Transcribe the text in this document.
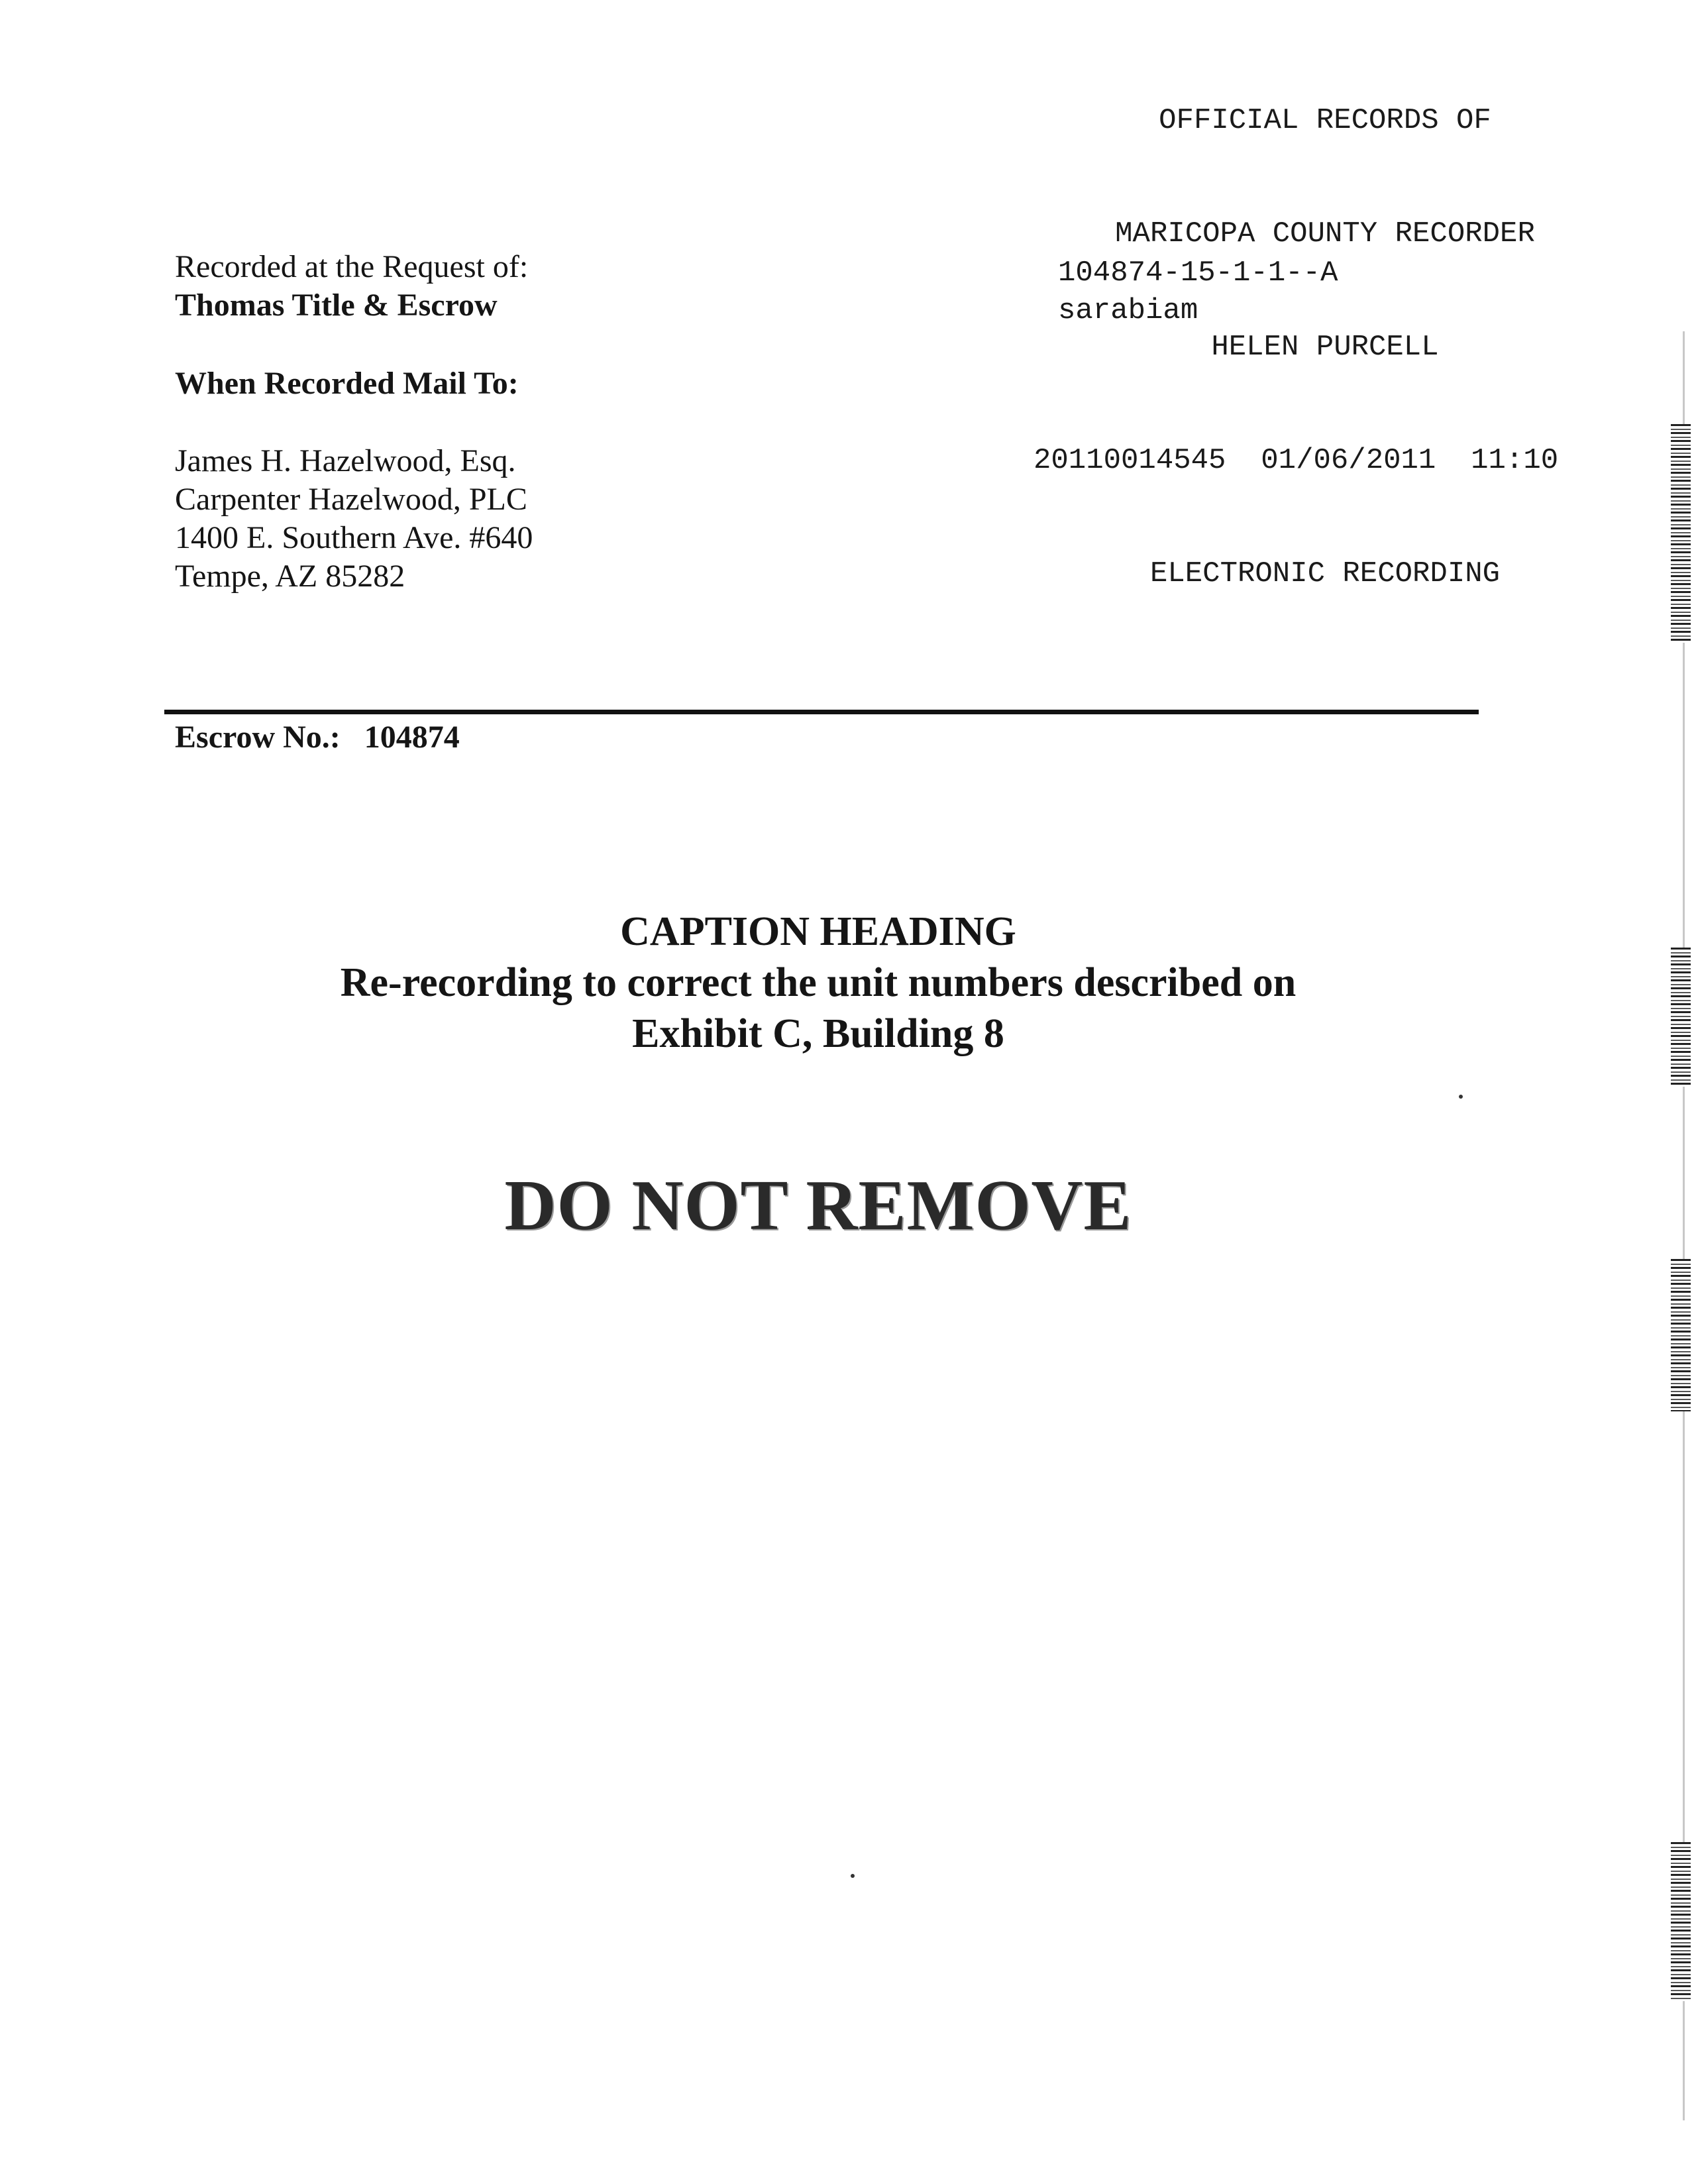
OFFICIAL RECORDS OF

MARICOPA COUNTY RECORDER

HELEN PURCELL

20110014545 01/06/2011 11:10

ELECTRONIC RECORDING

104874-15-1-1--A
sarabiam
Recorded at the Request of:
Thomas Title & Escrow
When Recorded Mail To:
James H. Hazelwood, Esq.
Carpenter Hazelwood, PLC
1400 E. Southern Ave. #640
Tempe, AZ 85282
Escrow No.: 104874
CAPTION HEADING
Re-recording to correct the unit numbers described on
Exhibit C, Building 8
DO NOT REMOVE
